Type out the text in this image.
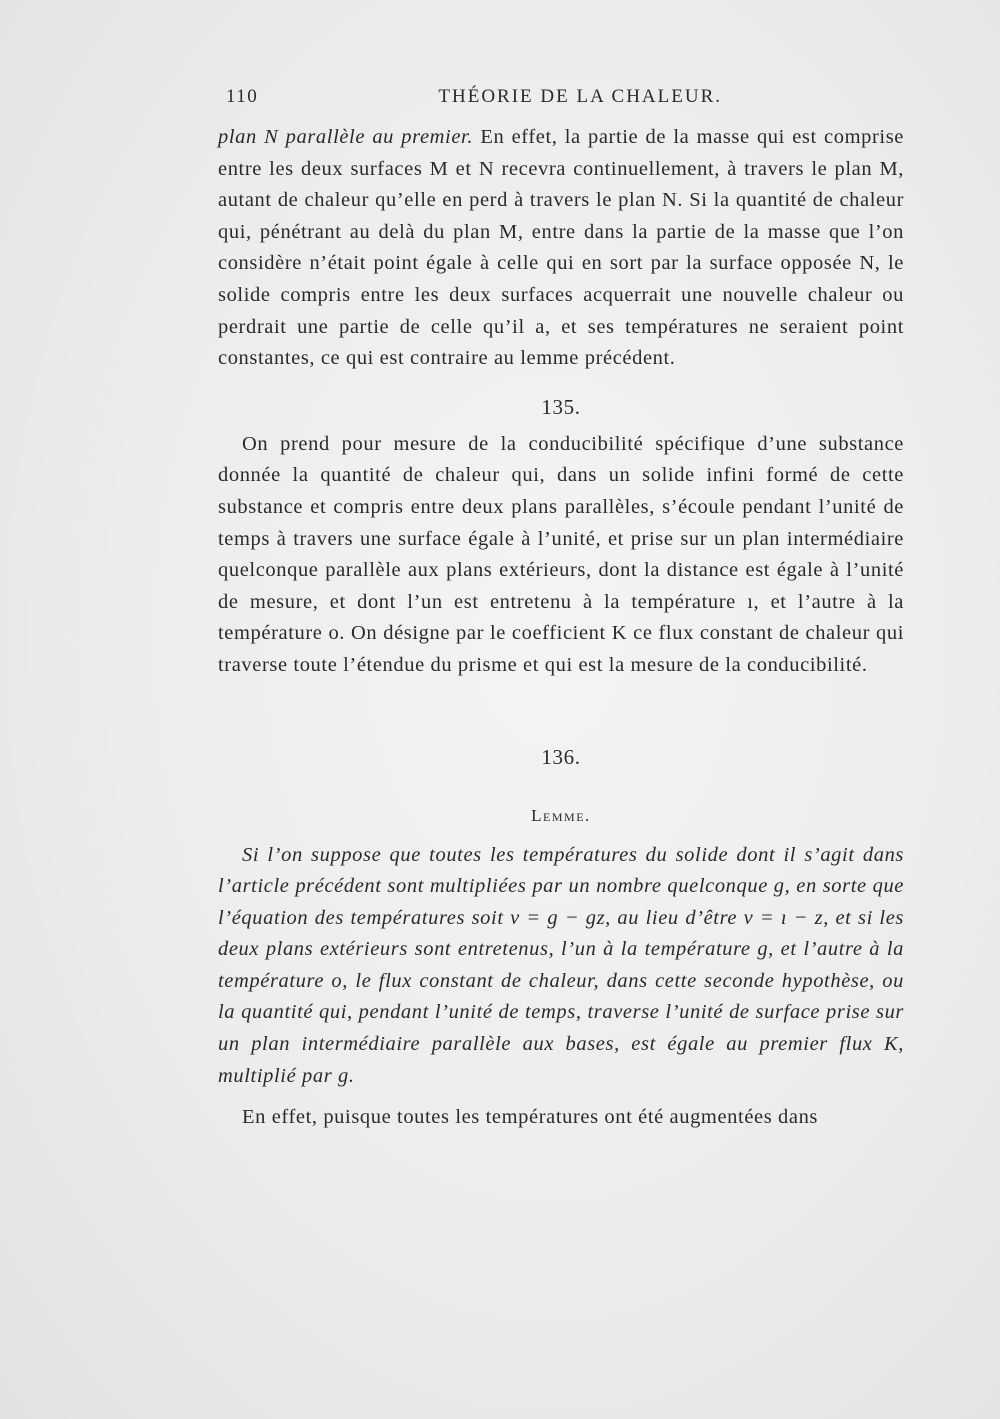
110	THÉORIE DE LA CHALEUR.

plan N parallèle au premier. En effet, la partie de la masse qui est comprise entre les deux surfaces M et N recevra continuellement, à travers le plan M, autant de chaleur qu’elle en perd à travers le plan N. Si la quantité de chaleur qui, pénétrant au delà du plan M, entre dans la partie de la masse que l’on considère n’était point égale à celle qui en sort par la surface opposée N, le solide compris entre les deux surfaces acquerrait une nouvelle chaleur ou perdrait une partie de celle qu’il a, et ses températures ne seraient point constantes, ce qui est contraire au lemme précédent.

135.

On prend pour mesure de la conducibilité spécifique d’une substance donnée la quantité de chaleur qui, dans un solide infini formé de cette substance et compris entre deux plans parallèles, s’écoule pendant l’unité de temps à travers une surface égale à l’unité, et prise sur un plan intermédiaire quelconque parallèle aux plans extérieurs, dont la distance est égale à l’unité de mesure, et dont l’un est entretenu à la température ı, et l’autre à la température o. On désigne par le coefficient K ce flux constant de chaleur qui traverse toute l’étendue du prisme et qui est la mesure de la conducibilité.

136.

Lemme.

Si l’on suppose que toutes les températures du solide dont il s’agit dans l’article précédent sont multipliées par un nombre quelconque g, en sorte que l’équation des températures soit v = g − gz, au lieu d’être v = ı − z, et si les deux plans extérieurs sont entretenus, l’un à la température g, et l’autre à la température o, le flux constant de chaleur, dans cette seconde hypothèse, ou la quantité qui, pendant l’unité de temps, traverse l’unité de surface prise sur un plan intermédiaire parallèle aux bases, est égale au premier flux K, multiplié par g.

En effet, puisque toutes les températures ont été augmentées dans
